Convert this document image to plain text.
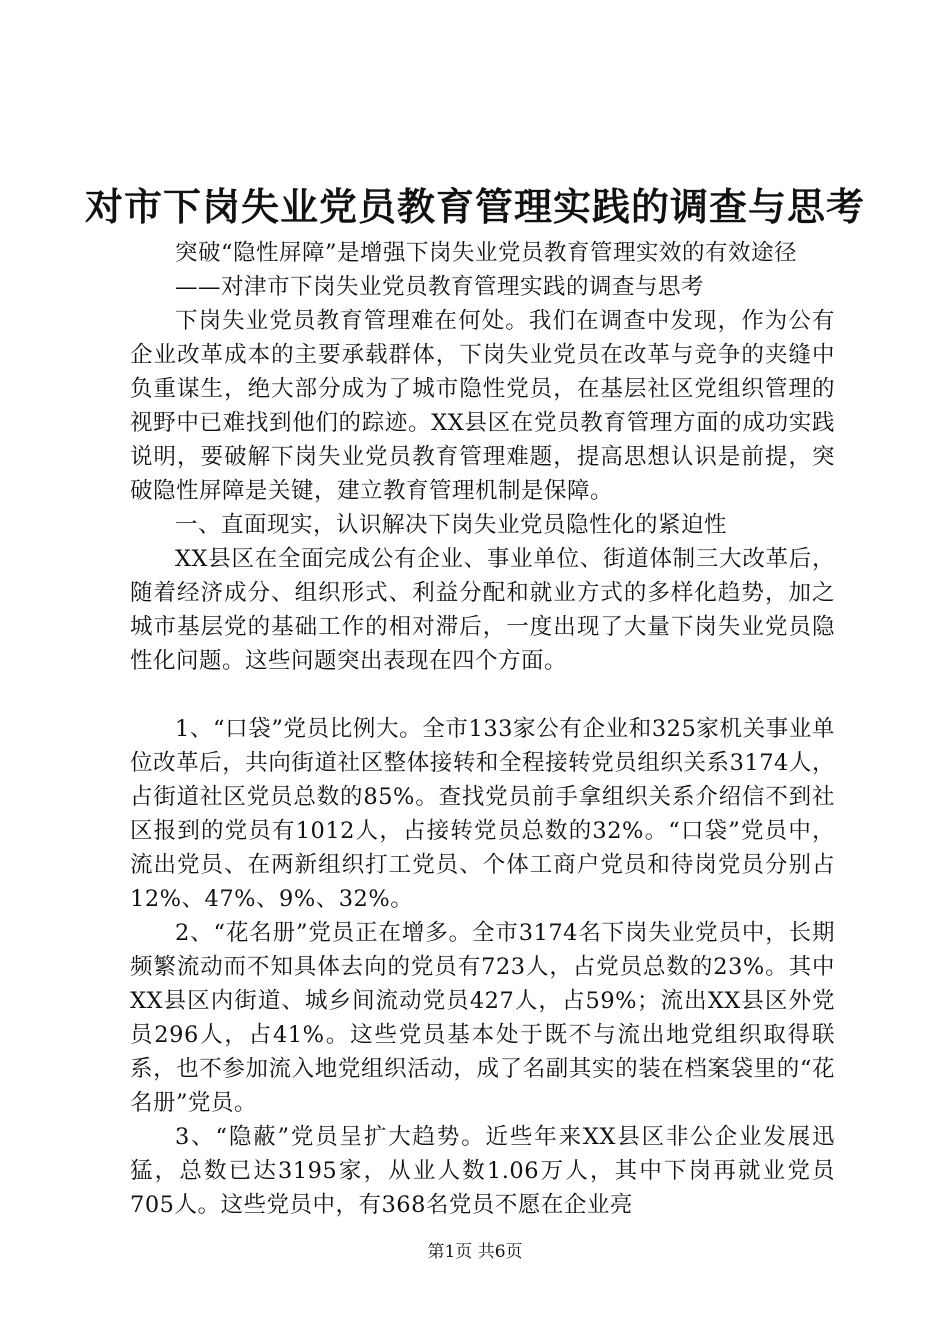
对市下岗失业党员教育管理实践的调查与思考

突破“隐性屏障”是增强下岗失业党员教育管理实效的有效途径

——对津市下岗失业党员教育管理实践的调查与思考

下岗失业党员教育管理难在何处。我们在调查中发现，作为公有企业改革成本的主要承载群体，下岗失业党员在改革与竞争的夹缝中负重谋生，绝大部分成为了城市隐性党员，在基层社区党组织管理的视野中已难找到他们的踪迹。XX县区在党员教育管理方面的成功实践说明，要破解下岗失业党员教育管理难题，提高思想认识是前提，突破隐性屏障是关键，建立教育管理机制是保障。

一、直面现实，认识解决下岗失业党员隐性化的紧迫性

XX县区在全面完成公有企业、事业单位、街道体制三大改革后，随着经济成分、组织形式、利益分配和就业方式的多样化趋势，加之城市基层党的基础工作的相对滞后，一度出现了大量下岗失业党员隐性化问题。这些问题突出表现在四个方面。

1、“口袋”党员比例大。全市133家公有企业和325家机关事业单位改革后，共向街道社区整体接转和全程接转党员组织关系3174人，占街道社区党员总数的85%。查找党员前手拿组织关系介绍信不到社区报到的党员有1012人，占接转党员总数的32%。“口袋”党员中，流出党员、在两新组织打工党员、个体工商户党员和待岗党员分别占12%、47%、9%、32%。

2、“花名册”党员正在增多。全市3174名下岗失业党员中，长期频繁流动而不知具体去向的党员有723人，占党员总数的23%。其中XX县区内街道、城乡间流动党员427人，占59%；流出XX县区外党员296人，占41%。这些党员基本处于既不与流出地党组织取得联系，也不参加流入地党组织活动，成了名副其实的装在档案袋里的“花名册”党员。

3、“隐蔽”党员呈扩大趋势。近些年来XX县区非公企业发展迅猛，总数已达3195家，从业人数1.06万人，其中下岗再就业党员705人。这些党员中，有368名党员不愿在企业亮

第1页 共6页
